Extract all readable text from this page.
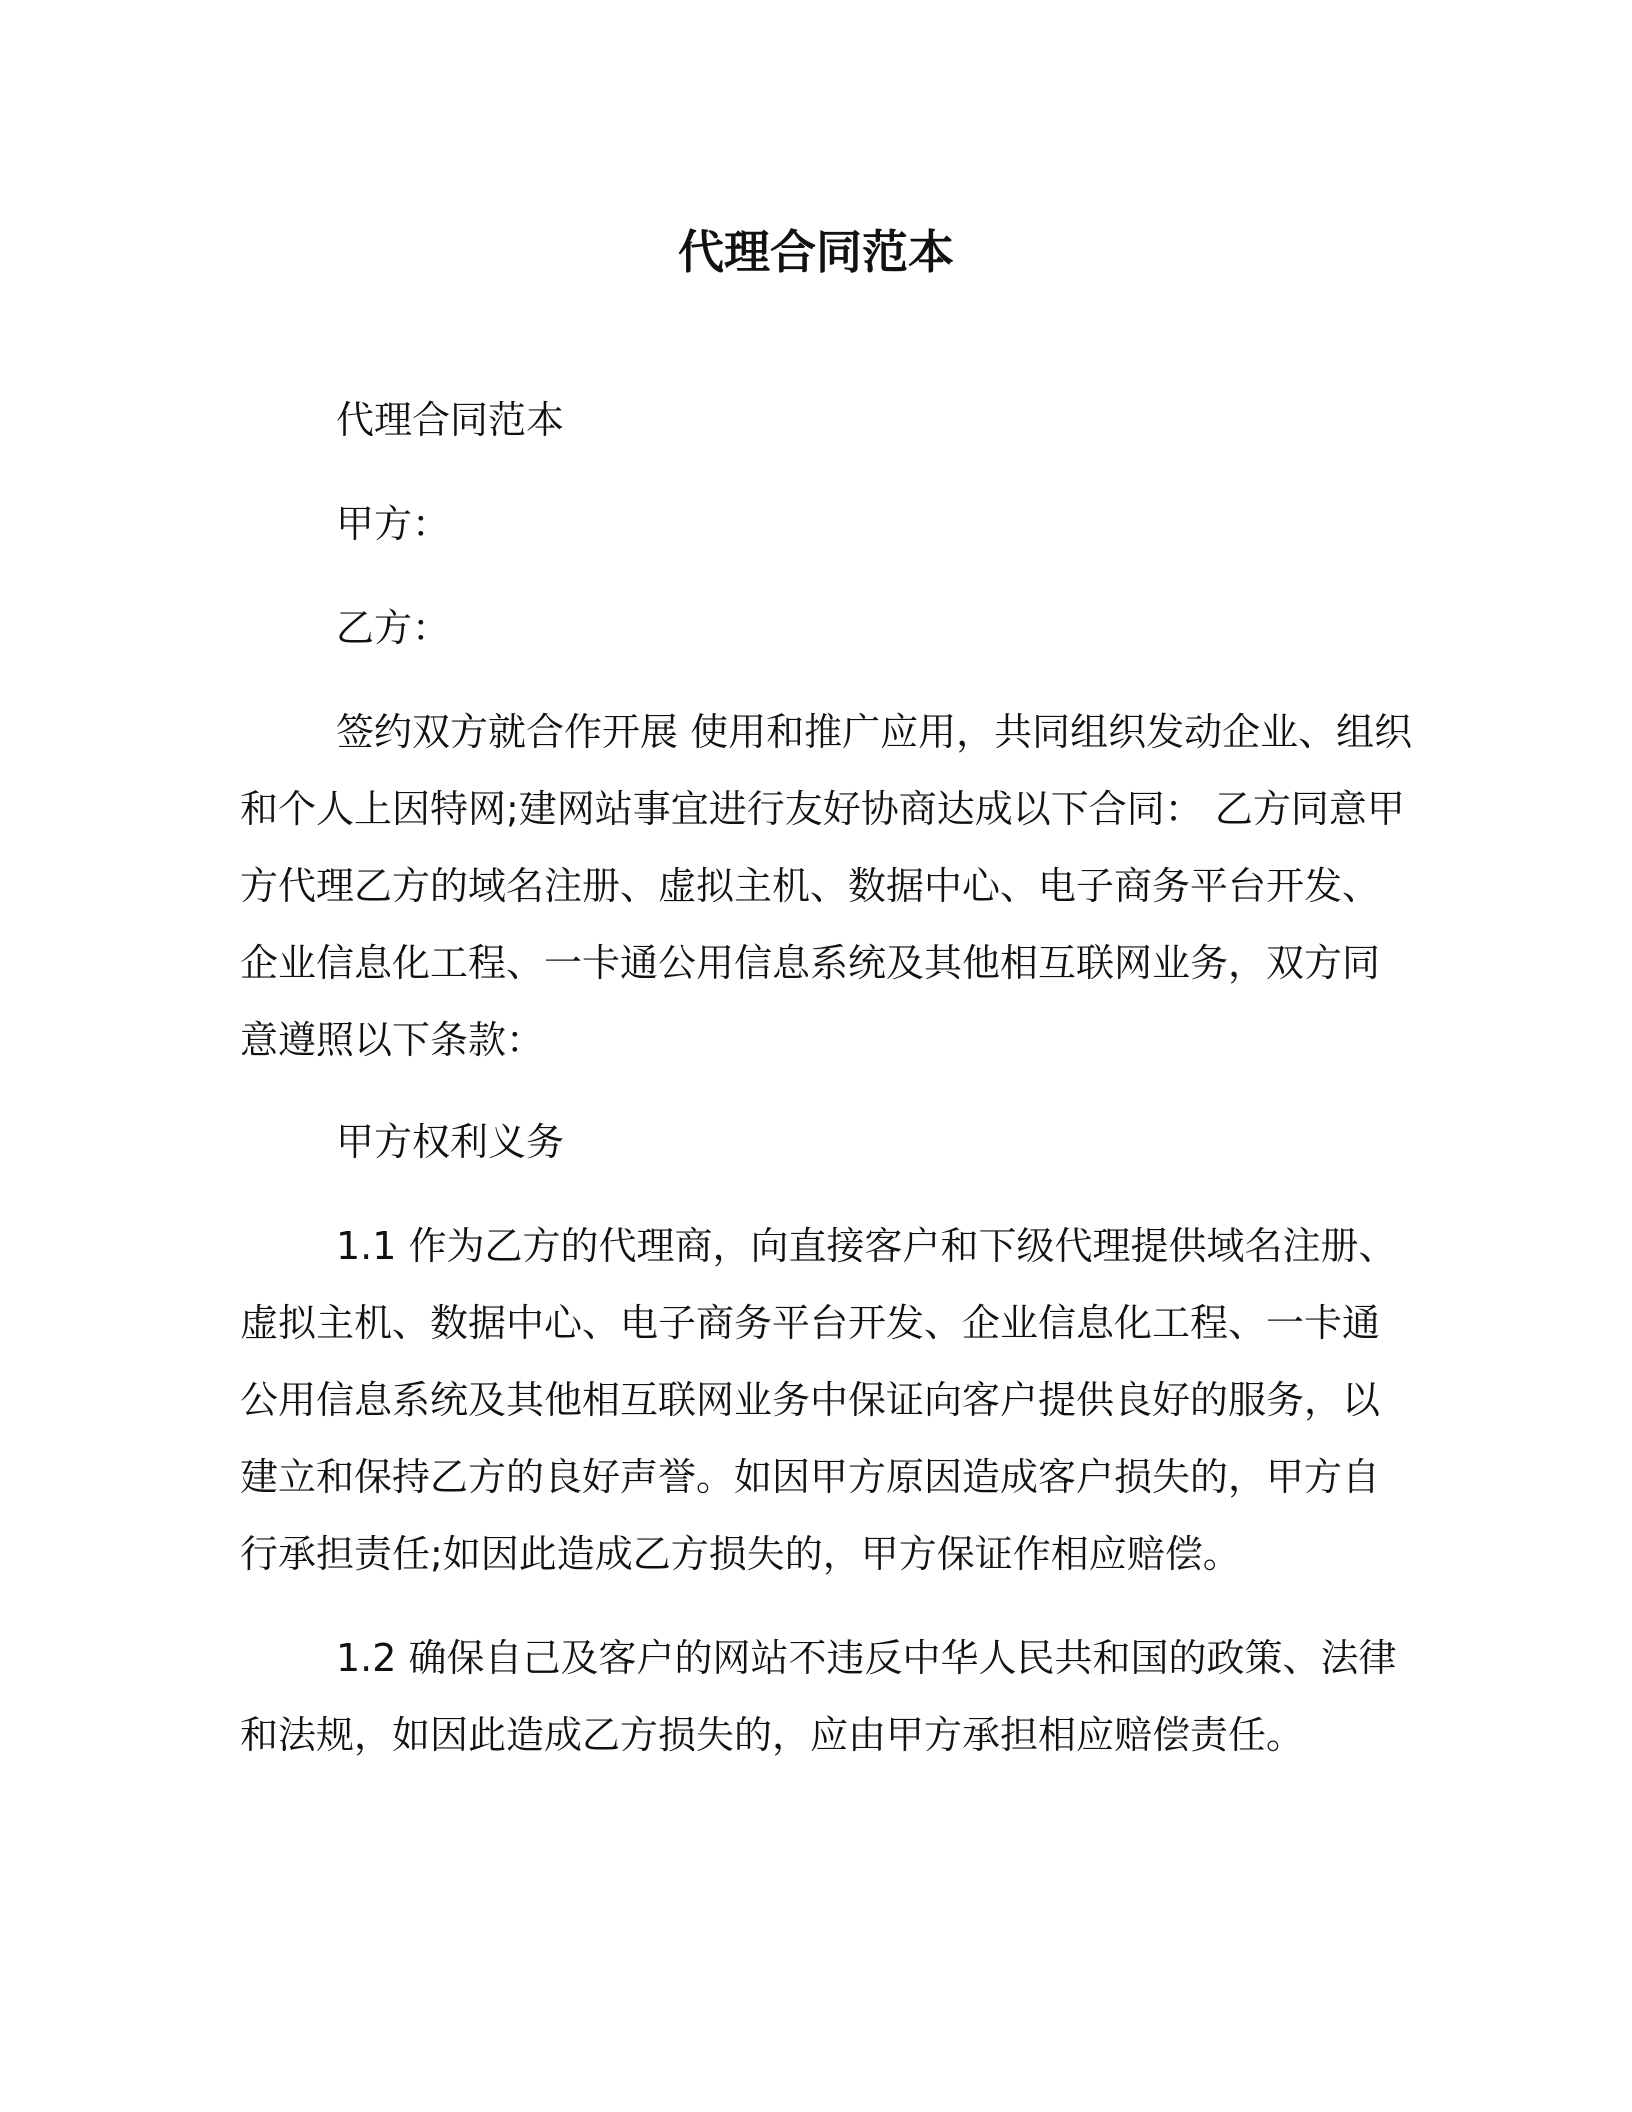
代理合同范本

代理合同范本

甲方：

乙方：

签约双方就合作开展 使用和推广应用，共同组织发动企业、组织
和个人上因特网;建网站事宜进行友好协商达成以下合同： 乙方同意甲
方代理乙方的域名注册、虚拟主机、数据中心、电子商务平台开发、
企业信息化工程、一卡通公用信息系统及其他相互联网业务，双方同
意遵照以下条款：

甲方权利义务

1.1 作为乙方的代理商，向直接客户和下级代理提供域名注册、
虚拟主机、数据中心、电子商务平台开发、企业信息化工程、一卡通
公用信息系统及其他相互联网业务中保证向客户提供良好的服务，以
建立和保持乙方的良好声誉。如因甲方原因造成客户损失的，甲方自
行承担责任;如因此造成乙方损失的，甲方保证作相应赔偿。
1.2 确保自己及客户的网站不违反中华人民共和国的政策、法律
和法规，如因此造成乙方损失的，应由甲方承担相应赔偿责任。
